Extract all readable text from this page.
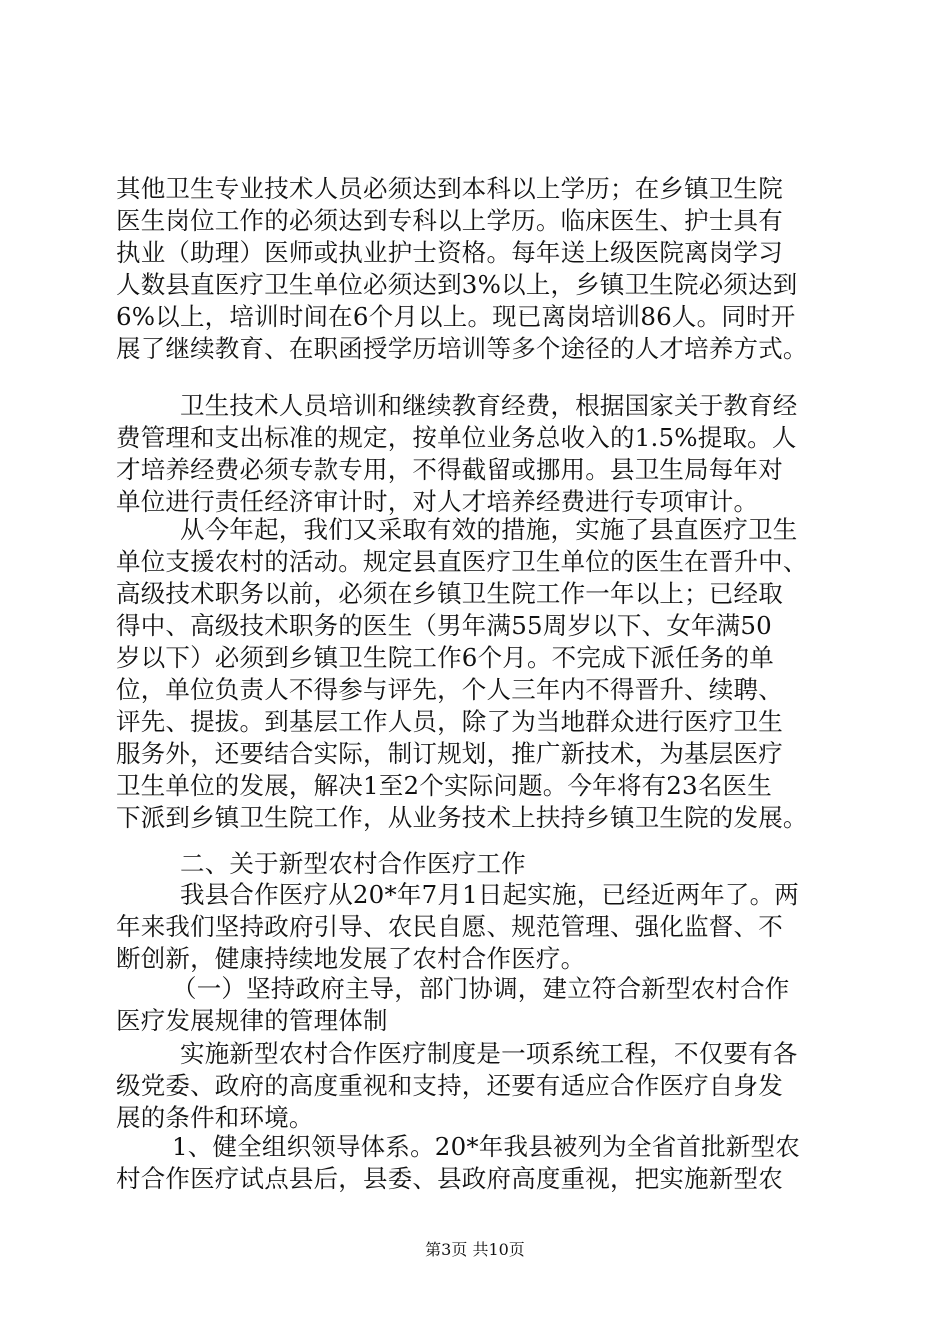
其他卫生专业技术人员必须达到本科以上学历；在乡镇卫生院
医生岗位工作的必须达到专科以上学历。临床医生、护士具有
执业（助理）医师或执业护士资格。每年送上级医院离岗学习
人数县直医疗卫生单位必须达到3%以上，乡镇卫生院必须达到
6%以上，培训时间在6个月以上。现已离岗培训86人。同时开
展了继续教育、在职函授学历培训等多个途径的人才培养方式。
卫生技术人员培训和继续教育经费，根据国家关于教育经
费管理和支出标准的规定，按单位业务总收入的1.5%提取。人
才培养经费必须专款专用，不得截留或挪用。县卫生局每年对
单位进行责任经济审计时，对人才培养经费进行专项审计。
从今年起，我们又采取有效的措施，实施了县直医疗卫生
单位支援农村的活动。规定县直医疗卫生单位的医生在晋升中、
高级技术职务以前，必须在乡镇卫生院工作一年以上；已经取
得中、高级技术职务的医生（男年满55周岁以下、女年满50
岁以下）必须到乡镇卫生院工作6个月。不完成下派任务的单
位，单位负责人不得参与评先，个人三年内不得晋升、续聘、
评先、提拔。到基层工作人员，除了为当地群众进行医疗卫生
服务外，还要结合实际，制订规划，推广新技术，为基层医疗
卫生单位的发展，解决1至2个实际问题。今年将有23名医生
下派到乡镇卫生院工作，从业务技术上扶持乡镇卫生院的发展。
二、关于新型农村合作医疗工作
我县合作医疗从20*年7月1日起实施，已经近两年了。两
年来我们坚持政府引导、农民自愿、规范管理、强化监督、不
断创新，健康持续地发展了农村合作医疗。
（一）坚持政府主导，部门协调，建立符合新型农村合作
医疗发展规律的管理体制
实施新型农村合作医疗制度是一项系统工程，不仅要有各
级党委、政府的高度重视和支持，还要有适应合作医疗自身发
展的条件和环境。
1、健全组织领导体系。20*年我县被列为全省首批新型农
村合作医疗试点县后，县委、县政府高度重视，把实施新型农
第3页 共10页
